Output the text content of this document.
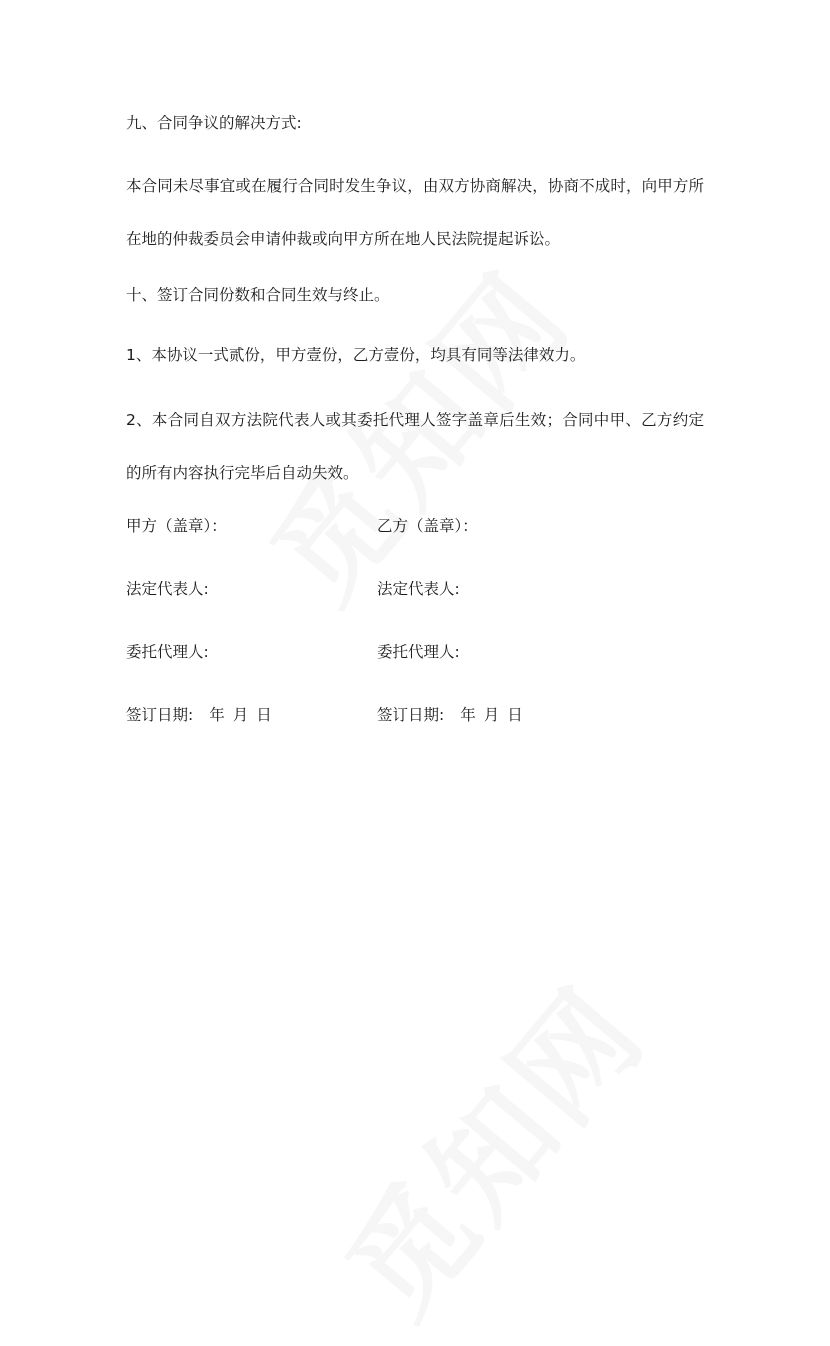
九、合同争议的解决方式:
本合同未尽事宜或在履行合同时发生争议，由双方协商解决，协商不成时，向甲方所在地的仲裁委员会申请仲裁或向甲方所在地人民法院提起诉讼。
十、签订合同份数和合同生效与终止。
1、本协议一式贰份，甲方壹份，乙方壹份，均具有同等法律效力。
2、本合同自双方法院代表人或其委托代理人签字盖章后生效；合同中甲、乙方约定的所有内容执行完毕后自动失效。
甲方（盖章）：	乙方（盖章）：
法定代表人:	法定代表人:
委托代理人:	委托代理人:
签订日期: 年 月 日	签订日期: 年 月 日
